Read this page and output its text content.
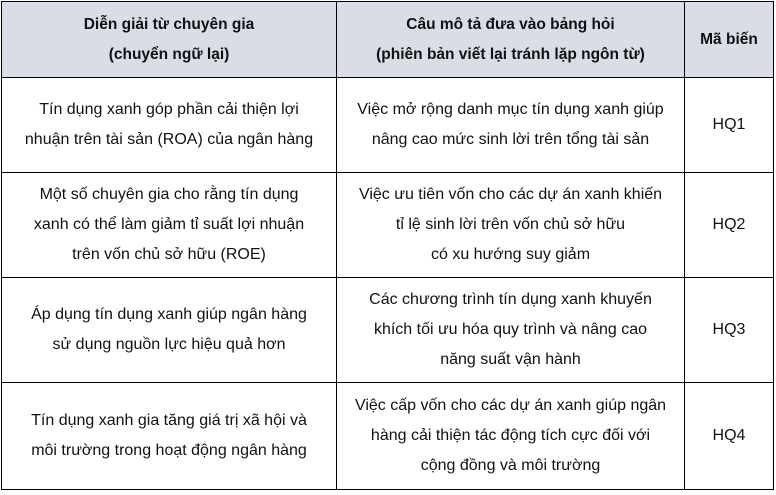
Diễn giải từ chuyên gia
(chuyển ngữ lại)	Câu mô tả đưa vào bảng hỏi
(phiên bản viết lại tránh lặp ngôn từ)	Mã biến

Tín dụng xanh góp phần cải thiện lợi
nhuận trên tài sản (ROA) của ngân hàng	Việc mở rộng danh mục tín dụng xanh giúp
nâng cao mức sinh lời trên tổng tài sản	HQ1

Một số chuyên gia cho rằng tín dụng
xanh có thể làm giảm tỉ suất lợi nhuận
trên vốn chủ sở hữu (ROE)	Việc ưu tiên vốn cho các dự án xanh khiến
tỉ lệ sinh lời trên vốn chủ sở hữu
có xu hướng suy giảm	HQ2

Áp dụng tín dụng xanh giúp ngân hàng
sử dụng nguồn lực hiệu quả hơn	Các chương trình tín dụng xanh khuyến
khích tối ưu hóa quy trình và nâng cao
năng suất vận hành	HQ3

Tín dụng xanh gia tăng giá trị xã hội và
môi trường trong hoạt động ngân hàng	Việc cấp vốn cho các dự án xanh giúp ngân
hàng cải thiện tác động tích cực đối với
cộng đồng và môi trường	HQ4
